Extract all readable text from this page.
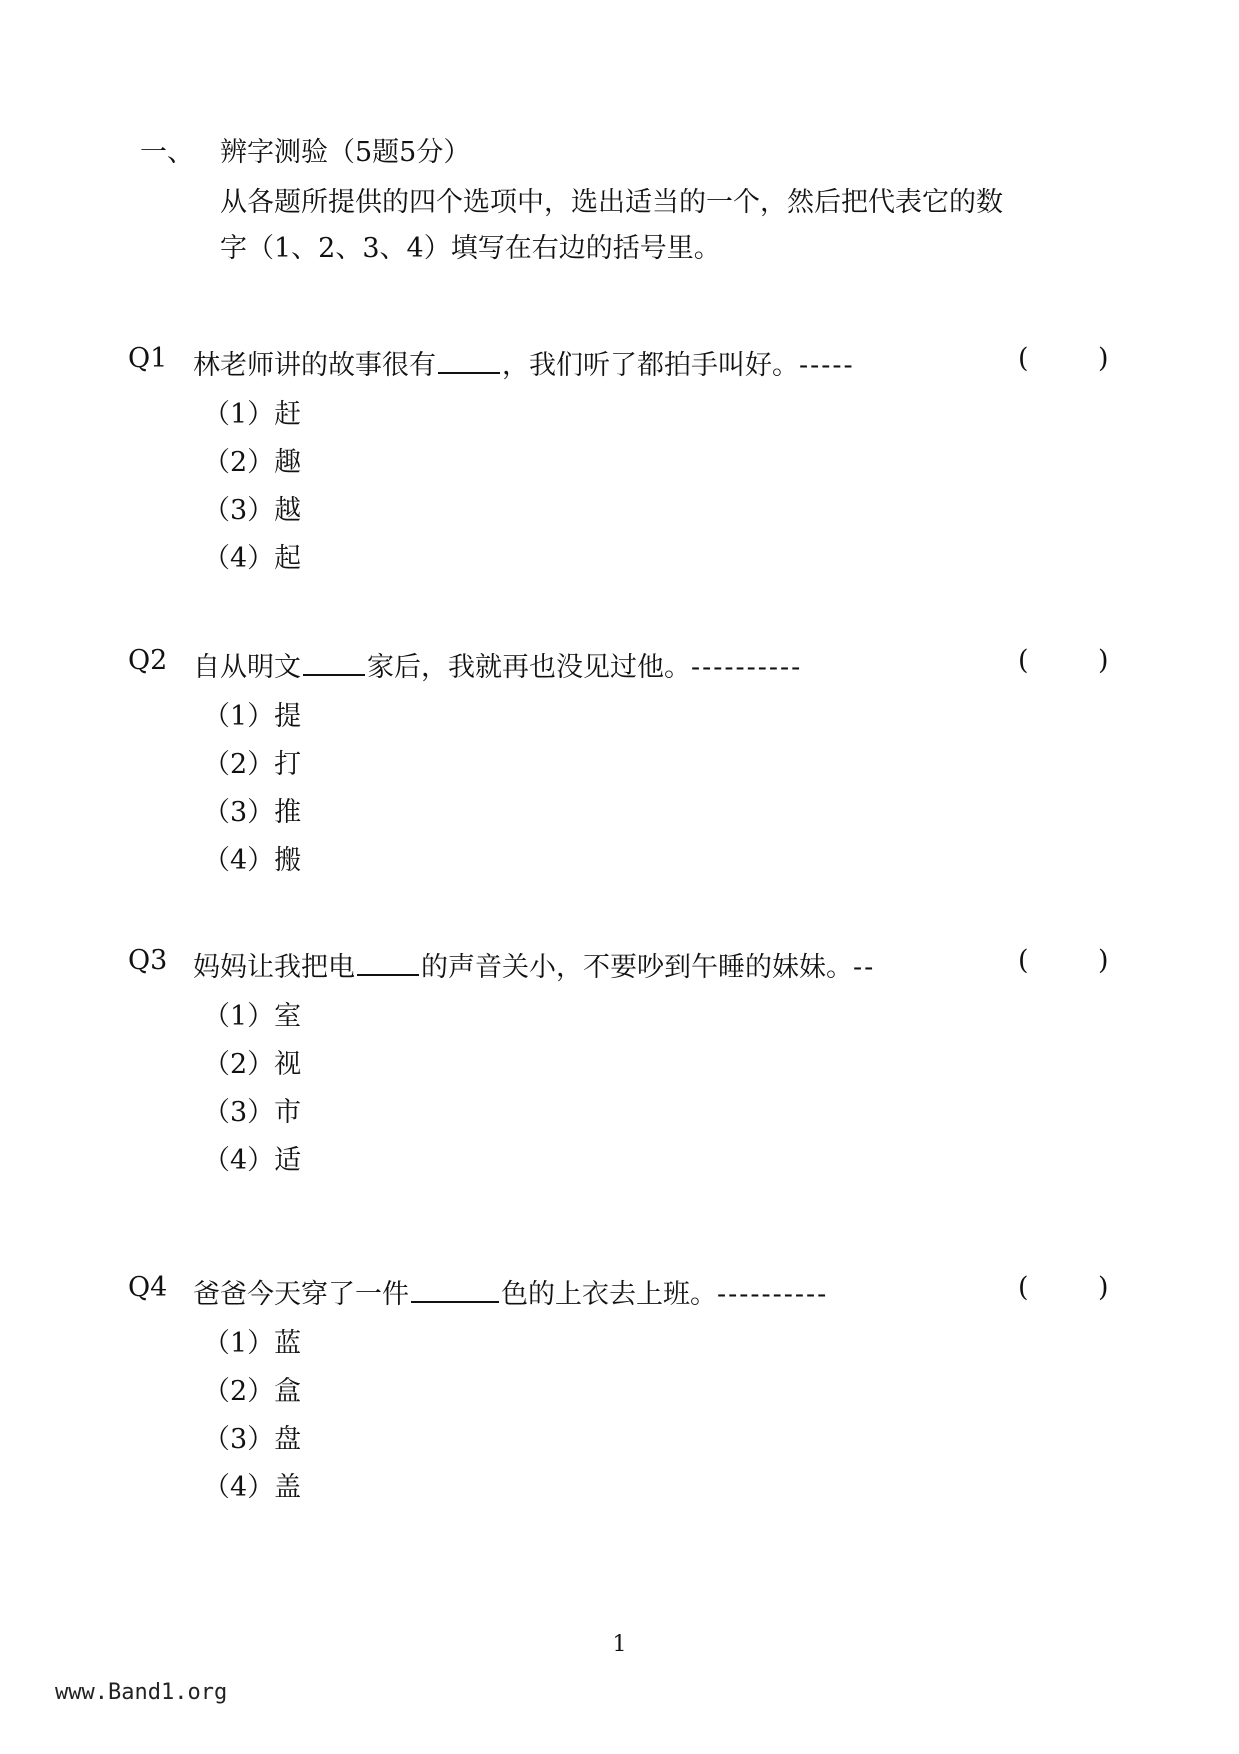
一、 辨字测验（5题5分）
从各题所提供的四个选项中，选出适当的一个，然后把代表它的数
字（1、2、3、4）填写在右边的括号里。
Q1 林老师讲的故事很有 ，我们听了都拍手叫好。-----	(	)
（1）赶
（2）趣
（3）越
（4）起
Q2 自从明文 家后，我就再也没见过他。----------	(	)
（1）提
（2）打
（3）推
（4）搬
Q3 妈妈让我把电 的声音关小，不要吵到午睡的妹妹。--	(	)
（1）室
（2）视
（3）市
（4）适
Q4 爸爸今天穿了一件	色的上衣去上班。----------	(	)
（1）蓝
（2）盒
（3）盘
（4）盖
1
www.Band1.org
